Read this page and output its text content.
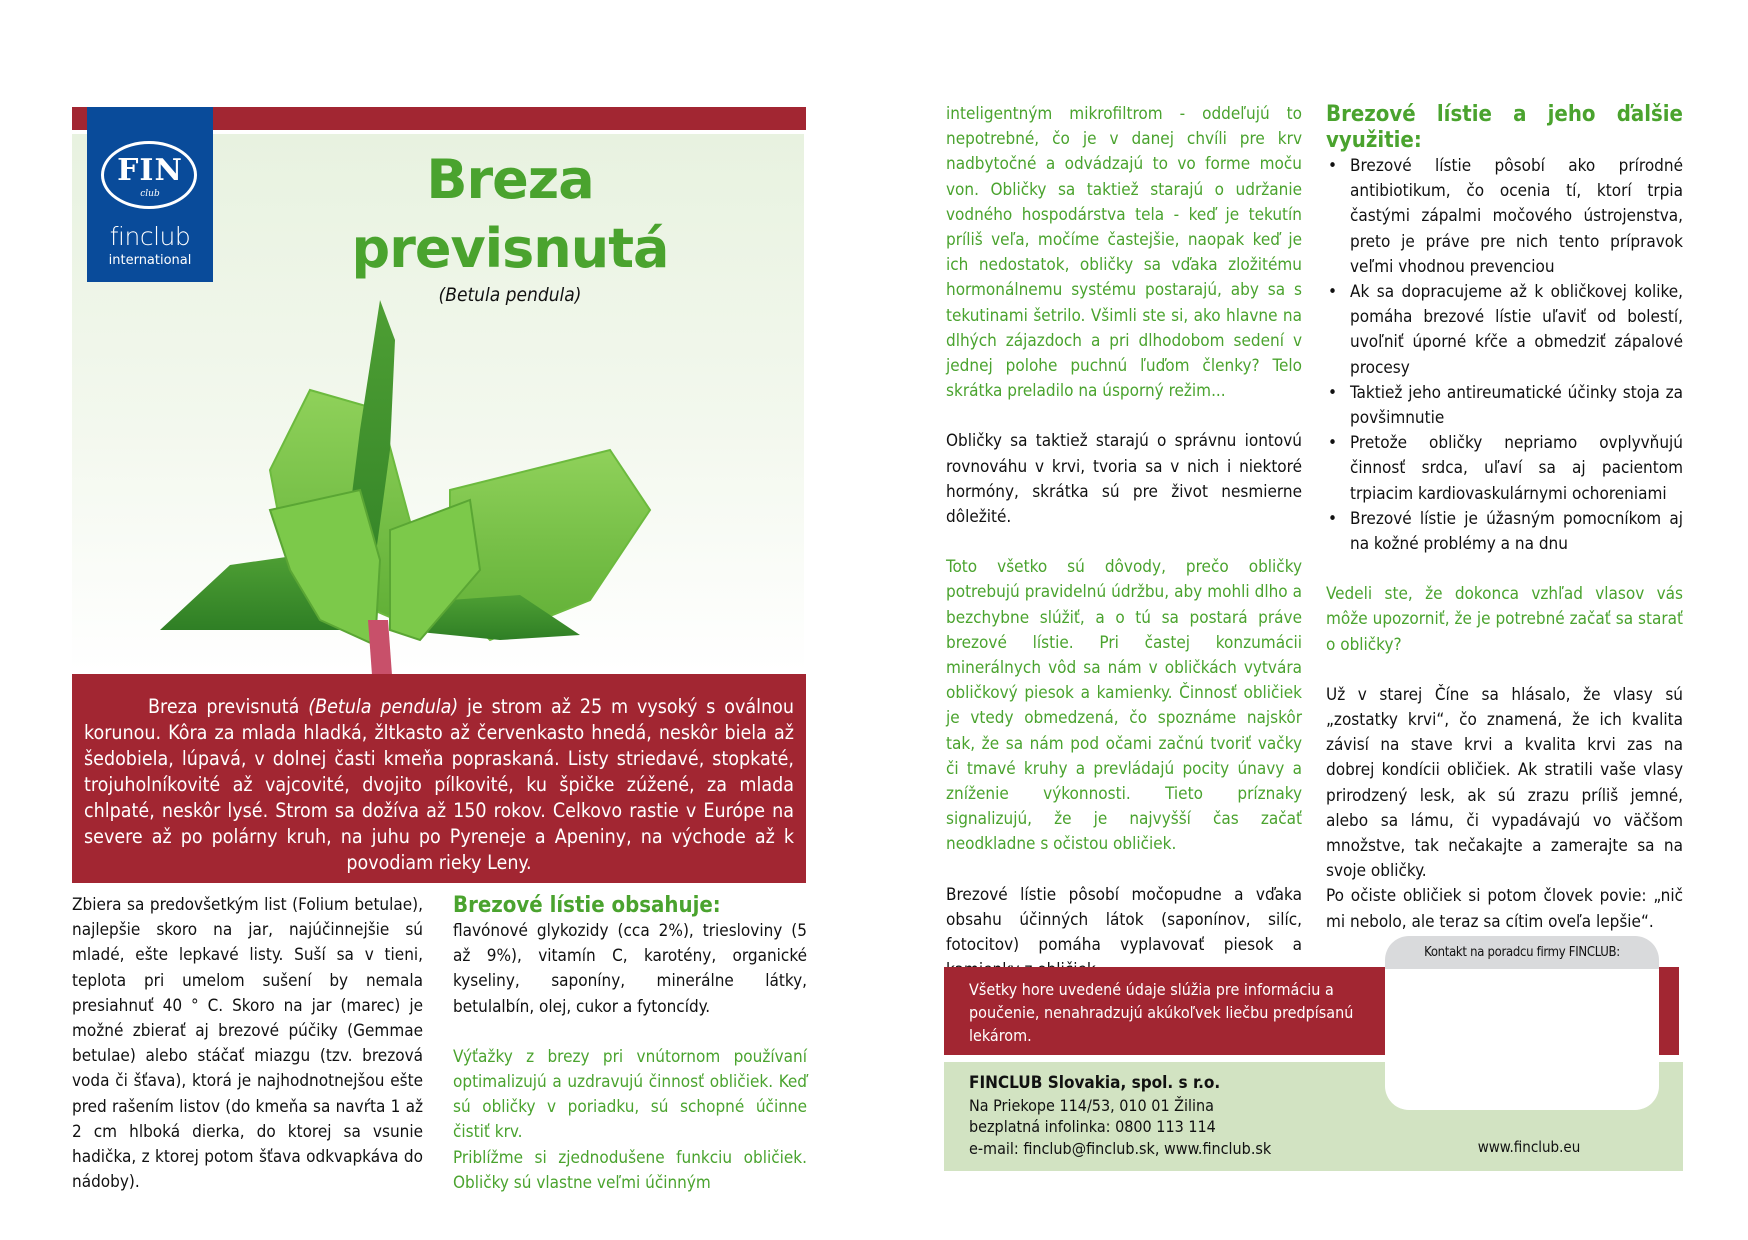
FIN
club
finclub
international
Breza
previsnutá
(Betula pendula)
Breza previsnutá (Betula pendula) je strom až 25 m vysoký s oválnou korunou. Kôra za mlada hladká, žltkasto až červenkasto hnedá, neskôr biela až šedobiela, lúpavá, v dolnej časti kmeňa popraskaná. Listy striedavé, stopkaté, trojuholníkovité až vajcovité, dvojito pílkovité, ku špičke zúžené, za mlada chlpaté, neskôr lysé. Strom sa dožíva až 150 rokov. Celkovo rastie v Európe na severe až po polárny kruh, na juhu po Pyreneje a Apeniny, na východe až k povodiam rieky Leny.
Zbiera sa predovšetkým list (Folium betulae), najlepšie skoro na jar, najúčinnejšie sú mladé, ešte lepkavé listy. Suší sa v tieni, teplota pri umelom sušení by nemala presiahnuť 40 ° C. Skoro na jar (marec) je možné zbierať aj brezové púčiky (Gemmae betulae) alebo stáčať miazgu (tzv. brezová voda či šťava), ktorá je najhodnotnejšou ešte pred rašením listov (do kmeňa sa navŕta 1 až 2 cm hlboká dierka, do ktorej sa vsunie hadička, z ktorej potom šťava odkvapkáva do nádoby).
Brezové lístie obsahuje:

flavónové glykozidy (cca 2%), triesloviny (5 až 9%), vitamín C, karotény, organické kyseliny, saponíny, minerálne látky, betulalbín, olej, cukor a fytoncídy.

Výťažky z brezy pri vnútornom používaní optimalizujú a uzdravujú činnosť obličiek. Keď sú obličky v poriadku, sú schopné účinne čistiť krv.

Priblížme si zjednodušene funkciu obličiek. Obličky sú vlastne veľmi účinným

inteligentným mikrofiltrom - oddeľujú to nepotrebné, čo je v danej chvíli pre krv nadbytočné a odvádzajú to vo forme moču von. Obličky sa taktiež starajú o udržanie vodného hospodárstva tela - keď je tekutín príliš veľa, močíme častejšie, naopak keď je ich nedostatok, obličky sa vďaka zložitému hormonálnemu systému postarajú, aby sa s tekutinami šetrilo. Všimli ste si, ako hlavne na dlhých zájazdoch a pri dlhodobom sedení v jednej polohe puchnú ľuďom členky? Telo skrátka preladilo na úsporný režim...

Obličky sa taktiež starajú o správnu iontovú rovnováhu v krvi, tvoria sa v nich i niektoré hormóny, skrátka sú pre život nesmierne dôležité.

Toto všetko sú dôvody, prečo obličky potrebujú pravidelnú údržbu, aby mohli dlho a bezchybne slúžiť, a o tú sa postará práve brezové lístie. Pri častej konzumácii minerálnych vôd sa nám v obličkách vytvára obličkový piesok a kamienky. Činnosť obličiek je vtedy obmedzená, čo spoznáme najskôr tak, že sa nám pod očami začnú tvoriť vačky či tmavé kruhy a prevládajú pocity únavy a zníženie výkonnosti. Tieto príznaky signalizujú, že je najvyšší čas začať neodkladne s očistou obličiek.

Brezové lístie pôsobí močopudne a vďaka obsahu účinných látok (saponínov, silíc, fotocitov) pomáha vyplavovať piesok a

Brezové lístie a jeho ďalšie využitie:
• Brezové lístie pôsobí ako prírodné antibiotikum, čo ocenia tí, ktorí trpia častými zápalmi močového ústrojenstva, preto je práve pre nich tento prípravok veľmi vhodnou prevenciou
• Ak sa dopracujeme až k obličkovej kolike, pomáha brezové lístie uľaviť od bolestí, uvoľniť úporné kŕče a obmedziť zápalové procesy
• Taktiež jeho antireumatické účinky stoja za povšimnutie
• Pretože obličky nepriamo ovplyvňujú činnosť srdca, uľaví sa aj pacientom trpiacim kardiovaskulárnymi ochoreniami
• Brezové lístie je úžasným pomocníkom aj na kožné problémy a na dnu

Vedeli ste, že dokonca vzhľad vlasov vás môže upozorniť, že je potrebné začať sa starať o obličky?

Už v starej Číne sa hlásalo, že vlasy sú „zostatky krvi“, čo znamená, že ich kvalita závisí na stave krvi a kvalita krvi zas na dobrej kondícii obličiek. Ak stratili vaše vlasy prirodzený lesk, ak sú zrazu príliš jemné, alebo sa lámu, či vypadávajú vo väčšom množstve, tak nečakajte a zamerajte sa na svoje obličky.

Po očiste obličiek si potom človek povie: „nič mi nebolo, ale teraz sa cítim oveľa lepšie“.

Všetky hore uvedené údaje slúžia pre informáciu a poučenie, nenahradzujú akúkoľvek liečbu predpísanú lekárom.
FINCLUB Slovakia, spol. s r.o.
Na Priekope 114/53, 010 01 Žilina
bezplatná infolinka: 0800 113 114
e-mail: finclub@finclub.sk, www.finclub.sk	www.finclub.eu
Kontakt na poradcu firmy FINCLUB:
